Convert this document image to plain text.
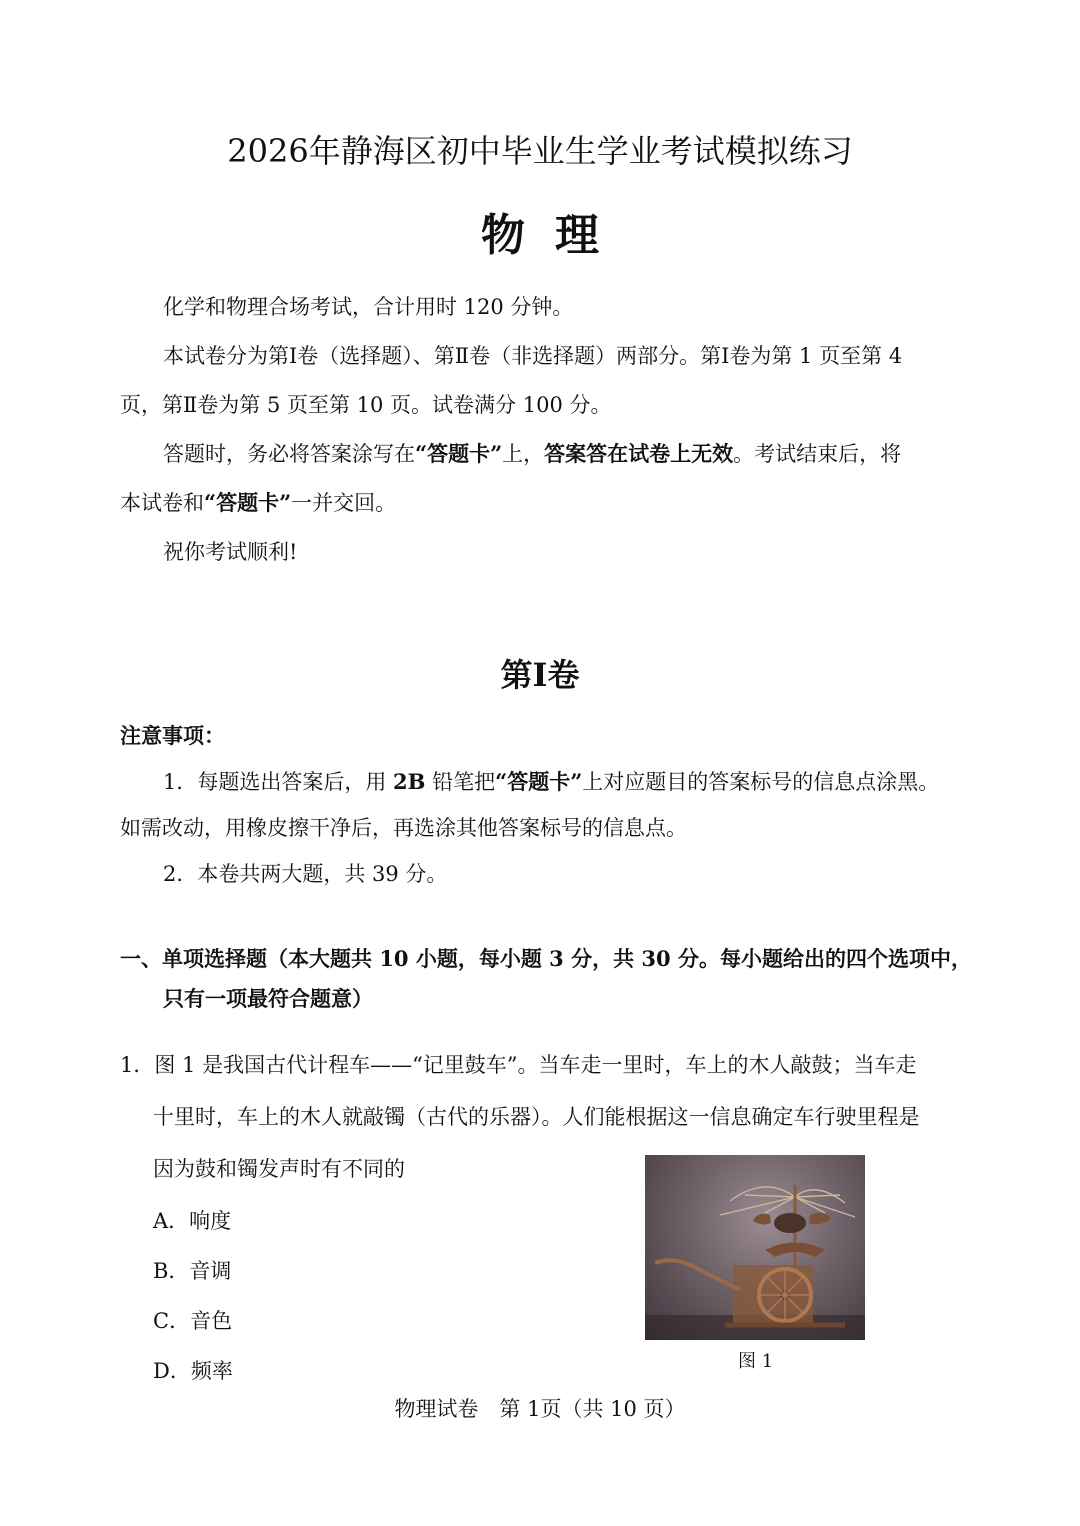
2026年静海区初中毕业生学业考试模拟练习
物理
化学和物理合场考试，合计用时 120 分钟。
本试卷分为第Ⅰ卷（选择题）、第Ⅱ卷（非选择题）两部分。第Ⅰ卷为第 1 页至第 4
页，第Ⅱ卷为第 5 页至第 10 页。试卷满分 100 分。
答题时，务必将答案涂写在“答题卡”上，答案答在试卷上无效。考试结束后，将
本试卷和“答题卡”一并交回。
祝你考试顺利!
第Ⅰ卷
注意事项：
1．每题选出答案后，用 2B 铅笔把“答题卡”上对应题目的答案标号的信息点涂黑。
如需改动，用橡皮擦干净后，再选涂其他答案标号的信息点。
2．本卷共两大题，共 39 分。
一、单项选择题（本大题共 10 小题，每小题 3 分，共 30 分。每小题给出的四个选项中，
只有一项最符合题意）
1．图 1 是我国古代计程车——“记里鼓车”。当车走一里时，车上的木人敲鼓；当车走
十里时，车上的木人就敲镯（古代的乐器）。人们能根据这一信息确定车行驶里程是
因为鼓和镯发声时有不同的
A．响度
B．音调
C．音色
D．频率	图 1
物理试卷　第 1页（共 10 页）
